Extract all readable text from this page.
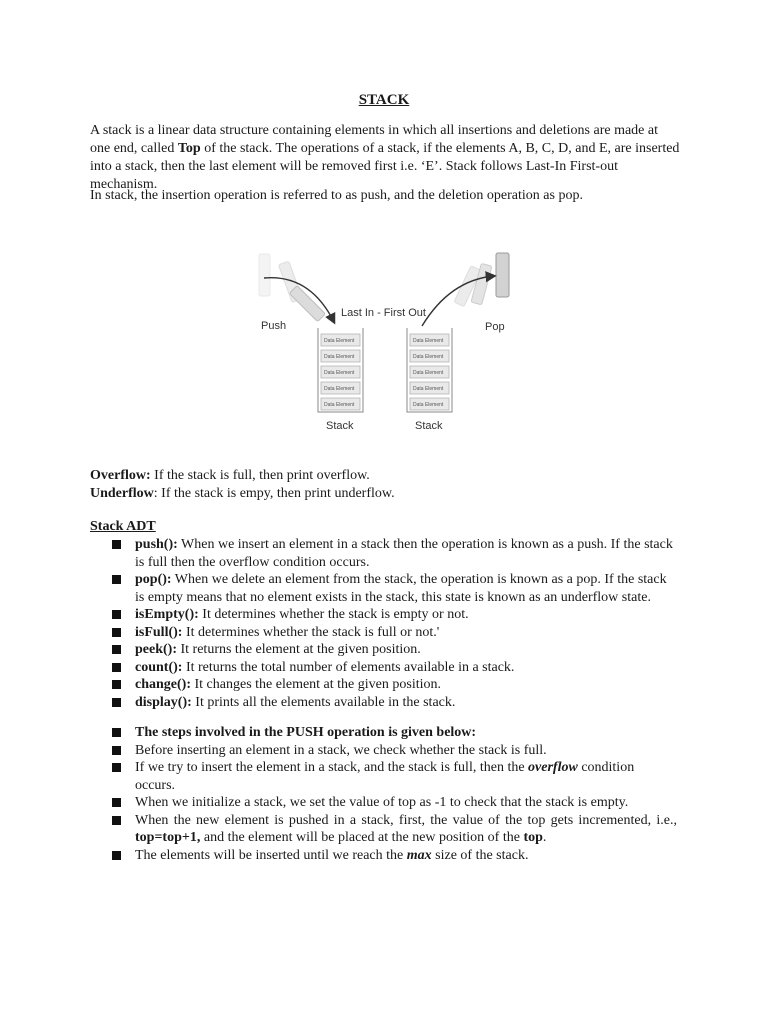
STACK

A stack is a linear data structure containing elements in which all insertions and deletions are made at one end, called Top of the stack. The operations of a stack, if the elements A, B, C, D, and E, are inserted into a stack, then the last element will be removed first i.e. ‘E’. Stack follows Last-In First-out mechanism.

In stack, the insertion operation is referred to as push, and the deletion operation as pop.

Last In - First Out
Push	Pop
Data Element
Data Element
Data Element
Data Element
Data Element
Data Element
Data Element
Data Element
Data Element
Data Element
Stack	Stack
Overflow: If the stack is full, then print overflow.
Underflow: If the stack is empy, then print underflow.
Stack ADT
push(): When we insert an element in a stack then the operation is known as a push. If the stack is full then the overflow condition occurs.
pop(): When we delete an element from the stack, the operation is known as a pop. If the stack is empty means that no element exists in the stack, this state is known as an underflow state.
isEmpty(): It determines whether the stack is empty or not.
isFull(): It determines whether the stack is full or not.'
peek(): It returns the element at the given position.
count(): It returns the total number of elements available in a stack.
change(): It changes the element at the given position.
display(): It prints all the elements available in the stack.
The steps involved in the PUSH operation is given below:
Before inserting an element in a stack, we check whether the stack is full.
If we try to insert the element in a stack, and the stack is full, then the overflow condition occurs.
When we initialize a stack, we set the value of top as -1 to check that the stack is empty.
When the new element is pushed in a stack, first, the value of the top gets incremented, i.e., top=top+1, and the element will be placed at the new position of the top.
The elements will be inserted until we reach the max size of the stack.
